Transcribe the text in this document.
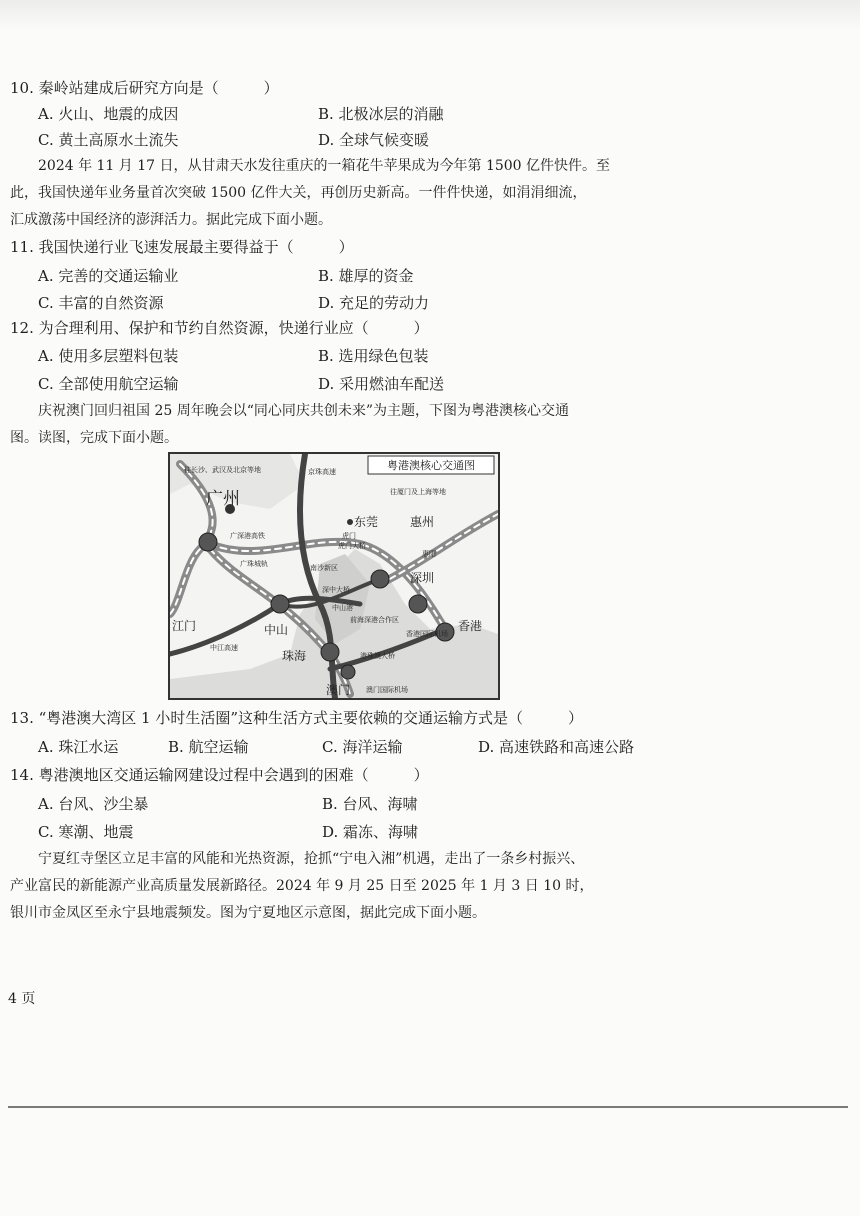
10. 秦岭站建成后研究方向是（　　　）
A. 火山、地震的成因	B. 北极冰层的消融
C. 黄土高原水土流失	D. 全球气候变暖
2024 年 11 月 17 日，从甘肃天水发往重庆的一箱花牛苹果成为今年第 1500 亿件快件。至
此，我国快递年业务量首次突破 1500 亿件大关，再创历史新高。一件件快递，如涓涓细流，
汇成激荡中国经济的澎湃活力。据此完成下面小题。
11. 我国快递行业飞速发展最主要得益于（　　　）
A. 完善的交通运输业	B. 雄厚的资金
C. 丰富的自然资源	D. 充足的劳动力
12. 为合理利用、保护和节约自然资源，快递行业应（　　　）
A. 使用多层塑料包装	B. 选用绿色包装
C. 全部使用航空运输	D. 采用燃油车配送
庆祝澳门回归祖国 25 周年晚会以“同心同庆共创未来”为主题，下图为粤港澳核心交通
图。读图，完成下面小题。
粤港澳核心交通图
广州
东莞	惠州
深圳
中山
江门
珠海
香港
澳门
往长沙、武汉及北京等地
往厦门及上海等地
京珠高速
广深港高铁
广珠城轨
虎门
虎门大桥
南沙新区
深中大桥
中山港
前海深港合作区
中江高速
港珠澳大桥
澳门国际机场
惠阳
香港国际机场
13. “粤港澳大湾区 1 小时生活圈”这种生活方式主要依赖的交通运输方式是（　　　）
A. 珠江水运	B. 航空运输	C. 海洋运输	D. 高速铁路和高速公路
14. 粤港澳地区交通运输网建设过程中会遇到的困难（　　　）
A. 台风、沙尘暴	B. 台风、海啸
C. 寒潮、地震	D. 霜冻、海啸
宁夏红寺堡区立足丰富的风能和光热资源，抢抓“宁电入湘”机遇，走出了一条乡村振兴、
产业富民的新能源产业高质量发展新路径。2024 年 9 月 25 日至 2025 年 1 月 3 日 10 时，
银川市金凤区至永宁县地震频发。图为宁夏地区示意图，据此完成下面小题。
4 页
